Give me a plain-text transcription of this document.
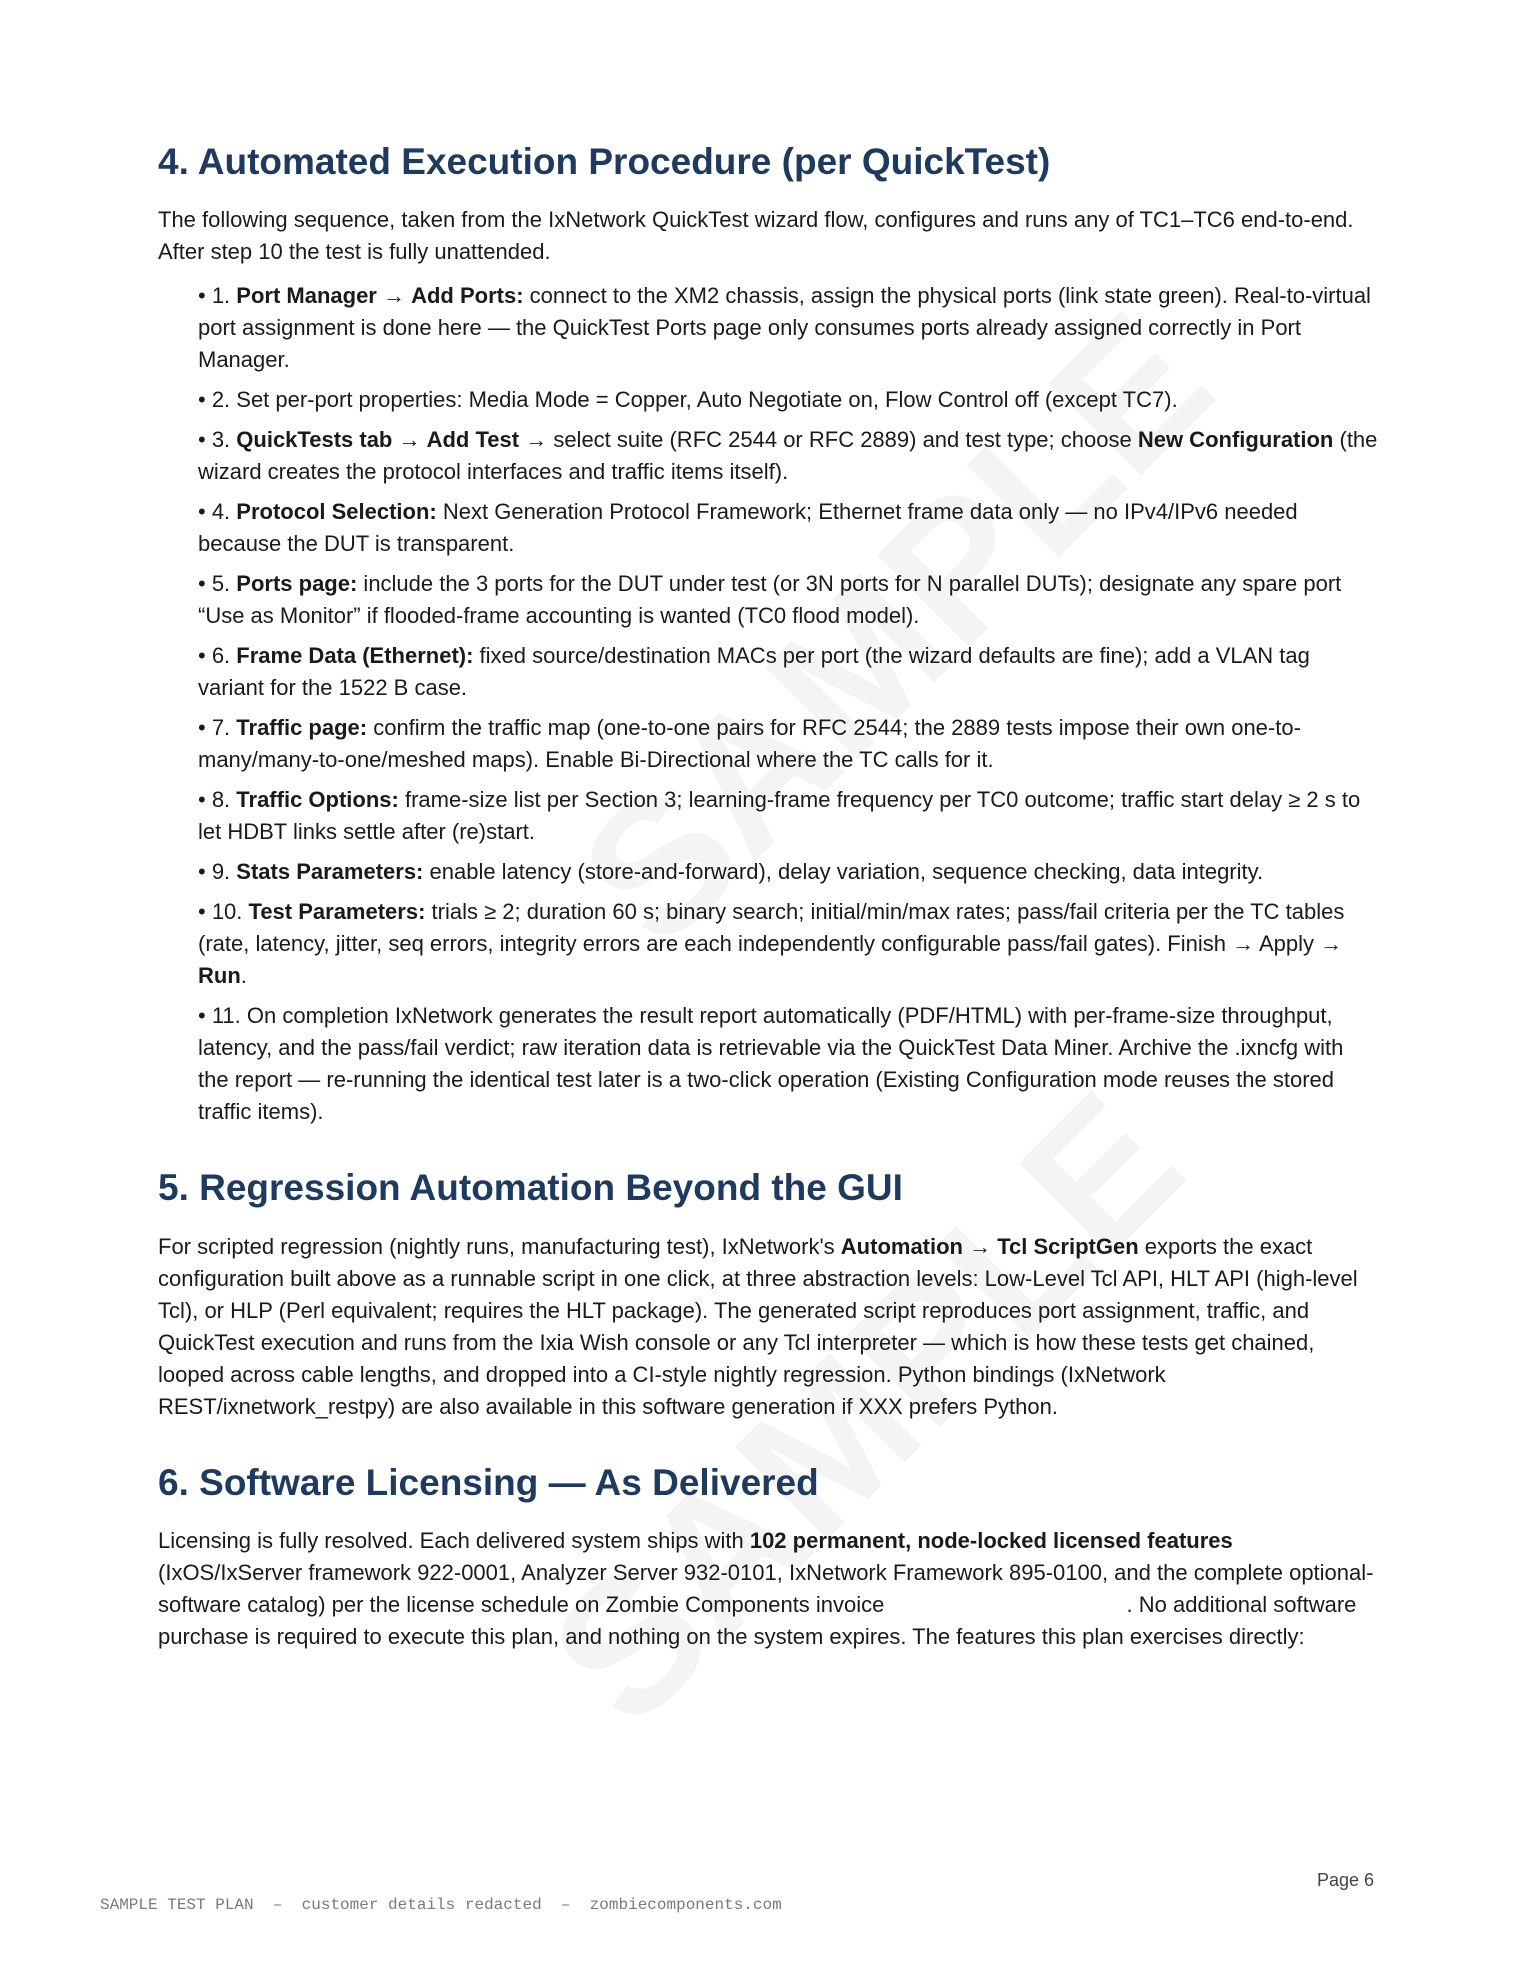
4. Automated Execution Procedure (per QuickTest)

The following sequence, taken from the IxNetwork QuickTest wizard flow, configures and runs any of TC1–TC6 end-to-end. After step 10 the test is fully unattended.

• 1. Port Manager → Add Ports: connect to the XM2 chassis, assign the physical ports (link state green). Real-to-virtual port assignment is done here — the QuickTest Ports page only consumes ports already assigned correctly in Port Manager.

• 2. Set per-port properties: Media Mode = Copper, Auto Negotiate on, Flow Control off (except TC7).

• 3. QuickTests tab → Add Test → select suite (RFC 2544 or RFC 2889) and test type; choose New Configuration (the wizard creates the protocol interfaces and traffic items itself).

• 4. Protocol Selection: Next Generation Protocol Framework; Ethernet frame data only — no IPv4/IPv6 needed because the DUT is transparent.

• 5. Ports page: include the 3 ports for the DUT under test (or 3N ports for N parallel DUTs); designate any spare port “Use as Monitor” if flooded-frame accounting is wanted (TC0 flood model).

• 6. Frame Data (Ethernet): fixed source/destination MACs per port (the wizard defaults are fine); add a VLAN tag variant for the 1522 B case.

• 7. Traffic page: confirm the traffic map (one-to-one pairs for RFC 2544; the 2889 tests impose their own one-to-many/many-to-one/meshed maps). Enable Bi-Directional where the TC calls for it.

• 8. Traffic Options: frame-size list per Section 3; learning-frame frequency per TC0 outcome; traffic start delay ≥ 2 s to let HDBT links settle after (re)start.

• 9. Stats Parameters: enable latency (store-and-forward), delay variation, sequence checking, data integrity.

• 10. Test Parameters: trials ≥ 2; duration 60 s; binary search; initial/min/max rates; pass/fail criteria per the TC tables (rate, latency, jitter, seq errors, integrity errors are each independently configurable pass/fail gates). Finish → Apply → Run.

• 11. On completion IxNetwork generates the result report automatically (PDF/HTML) with per-frame-size throughput, latency, and the pass/fail verdict; raw iteration data is retrievable via the QuickTest Data Miner. Archive the .ixncfg with the report — re-running the identical test later is a two-click operation (Existing Configuration mode reuses the stored traffic items).

5. Regression Automation Beyond the GUI

For scripted regression (nightly runs, manufacturing test), IxNetwork's Automation → Tcl ScriptGen exports the exact configuration built above as a runnable script in one click, at three abstraction levels: Low-Level Tcl API, HLT API (high-level Tcl), or HLP (Perl equivalent; requires the HLT package). The generated script reproduces port assignment, traffic, and QuickTest execution and runs from the Ixia Wish console or any Tcl interpreter — which is how these tests get chained, looped across cable lengths, and dropped into a CI-style nightly regression. Python bindings (IxNetwork REST/ixnetwork_restpy) are also available in this software generation if XXX prefers Python.

6. Software Licensing — As Delivered

Licensing is fully resolved. Each delivered system ships with 102 permanent, node-locked licensed features (IxOS/IxServer framework 922-0001, Analyzer Server 932-0101, IxNetwork Framework 895-0100, and the complete optional-software catalog) per the license schedule on Zombie Components invoice	. No additional software purchase is required to execute this plan, and nothing on the system expires. The features this plan exercises directly:

Page 6
SAMPLE TEST PLAN  –  customer details redacted  –  zombiecomponents.com
